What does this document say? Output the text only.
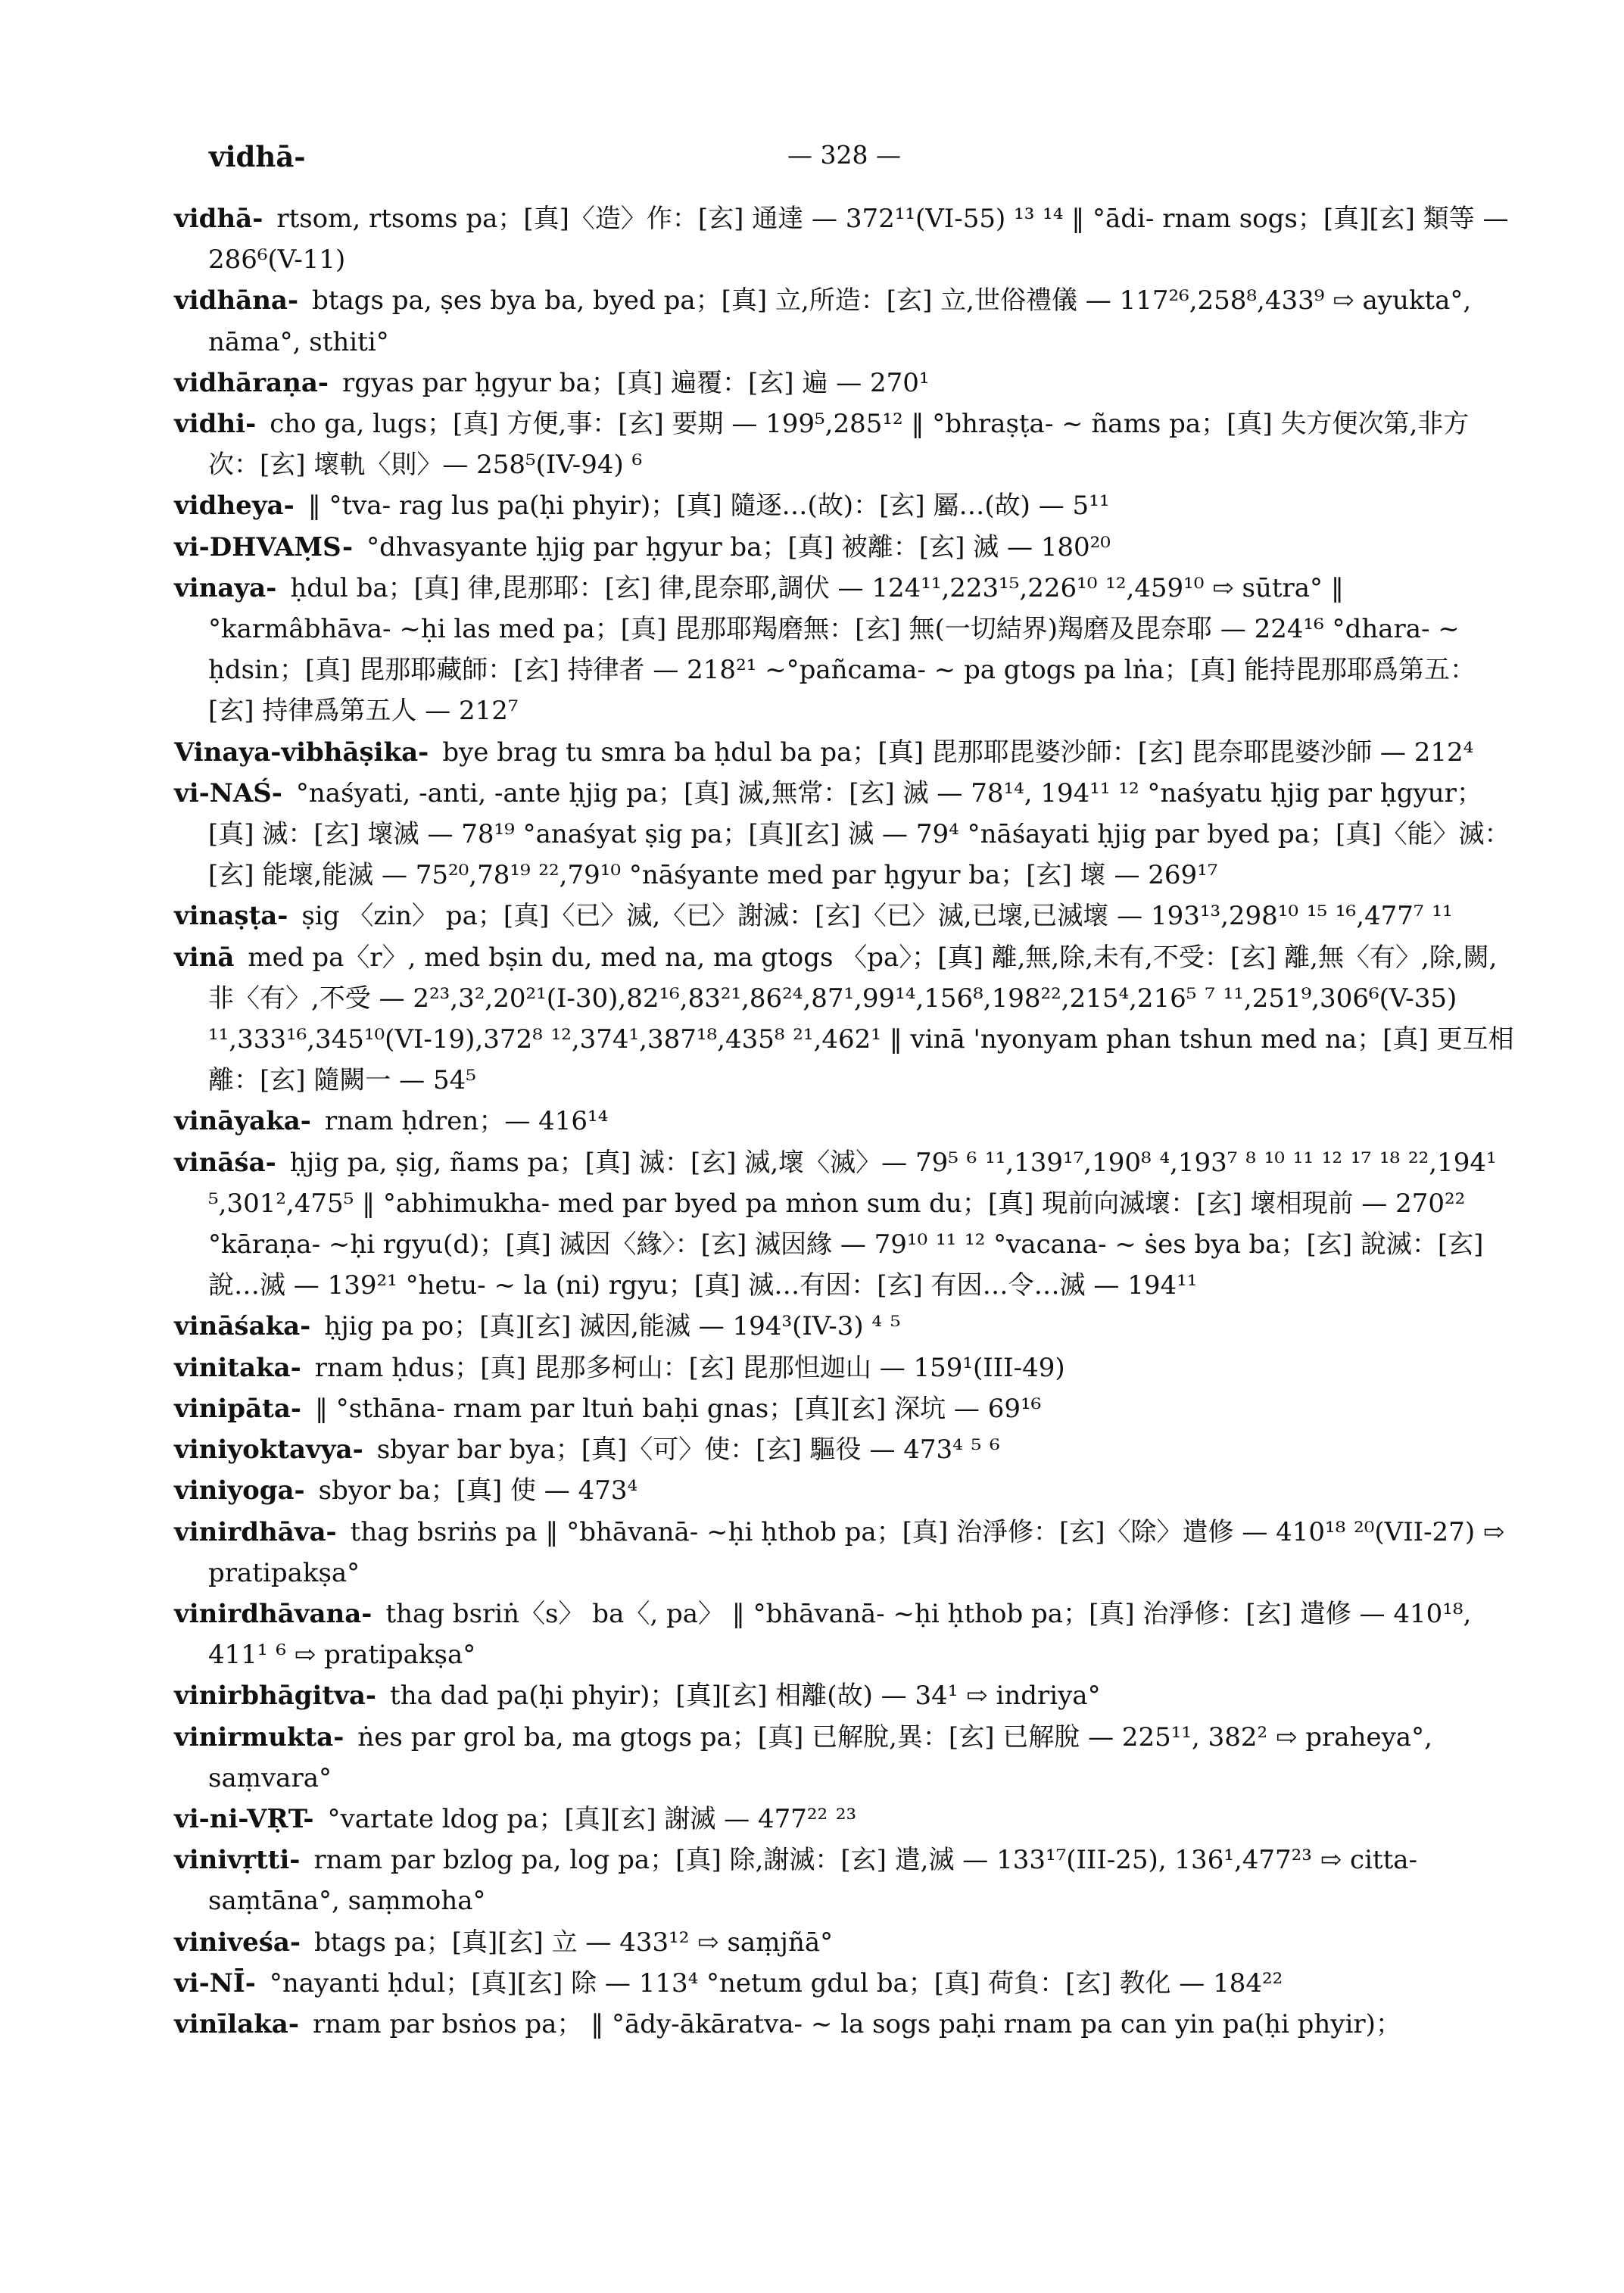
vidhā-	— 328 —

vidhā- rtsom, rtsoms pa；[真]〈造〉作：[玄] 通達 — 372¹¹(VI-55) ¹³ ¹⁴ ‖ °ādi- rnam sogs；[真][玄] 類等 — 286⁶(V-11)

vidhāna- btags pa, ṣes bya ba, byed pa；[真] 立,所造：[玄] 立,世俗禮儀 — 117²⁶,258⁸,433⁹ ⇨ ayukta°, nāma°, sthiti°

vidhāraṇa- rgyas par ḥgyur ba；[真] 遍覆：[玄] 遍 — 270¹

vidhi- cho ga, lugs；[真] 方便,事：[玄] 要期 — 199⁵,285¹² ‖ °bhraṣṭa- ~ ñams pa；[真] 失方便次第,非方次：[玄] 壞軌〈則〉— 258⁵(IV-94) ⁶

vidheya- ‖ °tva- rag lus pa(ḥi phyir)；[真] 隨逐…(故)：[玄] 屬…(故) — 5¹¹

vi-DHVAṂS- °dhvasyante ḥjig par ḥgyur ba；[真] 被離：[玄] 滅 — 180²⁰

vinaya- ḥdul ba；[真] 律,毘那耶：[玄] 律,毘奈耶,調伏 — 124¹¹,223¹⁵,226¹⁰ ¹²,459¹⁰ ⇨ sūtra° ‖ °karmâbhāva- ~ḥi las med pa；[真] 毘那耶羯磨無：[玄] 無(一切結界)羯磨及毘奈耶 — 224¹⁶ °dhara- ~ ḥdsin；[真] 毘那耶藏師：[玄] 持律者 — 218²¹ ~°pañcama- ~ pa gtogs pa lṅa；[真] 能持毘那耶爲第五：[玄] 持律爲第五人 — 212⁷

Vinaya-vibhāṣika- bye brag tu smra ba ḥdul ba pa；[真] 毘那耶毘婆沙師：[玄] 毘奈耶毘婆沙師 — 212⁴

vi-NAŚ- °naśyati, -anti, -ante ḥjig pa；[真] 滅,無常：[玄] 滅 — 78¹⁴, 194¹¹ ¹² °naśyatu ḥjig par ḥgyur；[真] 滅：[玄] 壞滅 — 78¹⁹ °anaśyat ṣig pa；[真][玄] 滅 — 79⁴ °nāśayati ḥjig par byed pa；[真]〈能〉滅：[玄] 能壞,能滅 — 75²⁰,78¹⁹ ²²,79¹⁰ °nāśyante med par ḥgyur ba；[玄] 壞 — 269¹⁷

vinaṣṭa- ṣig 〈zin〉 pa；[真]〈已〉滅,〈已〉謝滅：[玄]〈已〉滅,已壞,已滅壞 — 193¹³,298¹⁰ ¹⁵ ¹⁶,477⁷ ¹¹

vinā med pa〈r〉, med bṣin du, med na, ma gtogs 〈pa〉；[真] 離,無,除,未有,不受：[玄] 離,無〈有〉,除,闕,非〈有〉,不受 — 2²³,3²,20²¹(I-30),82¹⁶,83²¹,86²⁴,87¹,99¹⁴,156⁸,198²²,215⁴,216⁵ ⁷ ¹¹,251⁹,306⁶(V-35) ¹¹,333¹⁶,345¹⁰(VI-19),372⁸ ¹²,374¹,387¹⁸,435⁸ ²¹,462¹ ‖ vinā 'nyonyam phan tshun med na；[真] 更互相離：[玄] 隨闕一 — 54⁵

vināyaka- rnam ḥdren；— 416¹⁴

vināśa- ḥjig pa, ṣig, ñams pa；[真] 滅：[玄] 滅,壞〈滅〉— 79⁵ ⁶ ¹¹,139¹⁷,190⁸ ⁴,193⁷ ⁸ ¹⁰ ¹¹ ¹² ¹⁷ ¹⁸ ²²,194¹ ⁵,301²,475⁵ ‖ °abhimukha- med par byed pa mṅon sum du；[真] 現前向滅壞：[玄] 壞相現前 — 270²² °kāraṇa- ~ḥi rgyu(d)；[真] 滅因〈緣〉：[玄] 滅因緣 — 79¹⁰ ¹¹ ¹² °vacana- ~ ṡes bya ba；[玄] 說滅：[玄] 說…滅 — 139²¹ °hetu- ~ la (ni) rgyu；[真] 滅…有因：[玄] 有因…令…滅 — 194¹¹

vināśaka- ḥjig pa po；[真][玄] 滅因,能滅 — 194³(IV-3) ⁴ ⁵

vinitaka- rnam ḥdus；[真] 毘那多柯山：[玄] 毘那怛迦山 — 159¹(III-49)

vinipāta- ‖ °sthāna- rnam par ltuṅ baḥi gnas；[真][玄] 深坑 — 69¹⁶

viniyoktavya- sbyar bar bya；[真]〈可〉使：[玄] 驅役 — 473⁴ ⁵ ⁶

viniyoga- sbyor ba；[真] 使 — 473⁴

vinirdhāva- thag bsriṅs pa ‖ °bhāvanā- ~ḥi ḥthob pa；[真] 治淨修：[玄]〈除〉遣修 — 410¹⁸ ²⁰(VII-27) ⇨ pratipakṣa°

vinirdhāvana- thag bsriṅ〈s〉 ba〈, pa〉 ‖ °bhāvanā- ~ḥi ḥthob pa；[真] 治淨修：[玄] 遣修 — 410¹⁸, 411¹ ⁶ ⇨ pratipakṣa°

vinirbhāgitva- tha dad pa(ḥi phyir)；[真][玄] 相離(故) — 34¹ ⇨ indriya°

vinirmukta- ṅes par grol ba, ma gtogs pa；[真] 已解脫,異：[玄] 已解脫 — 225¹¹, 382² ⇨ praheya°, saṃvara°

vi-ni-VṚT- °vartate ldog pa；[真][玄] 謝滅 — 477²² ²³

vinivṛtti- rnam par bzlog pa, log pa；[真] 除,謝滅：[玄] 遣,滅 — 133¹⁷(III-25), 136¹,477²³ ⇨ citta-saṃtāna°, saṃmoha°

viniveśa- btags pa；[真][玄] 立 — 433¹² ⇨ saṃjñā°

vi-NĪ- °nayanti ḥdul；[真][玄] 除 — 113⁴ °netum gdul ba；[真] 荷負：[玄] 教化 — 184²²

vinīlaka- rnam par bsṅos pa； ‖ °ādy-ākāratva- ~ la sogs paḥi rnam pa can yin pa(ḥi phyir)；
